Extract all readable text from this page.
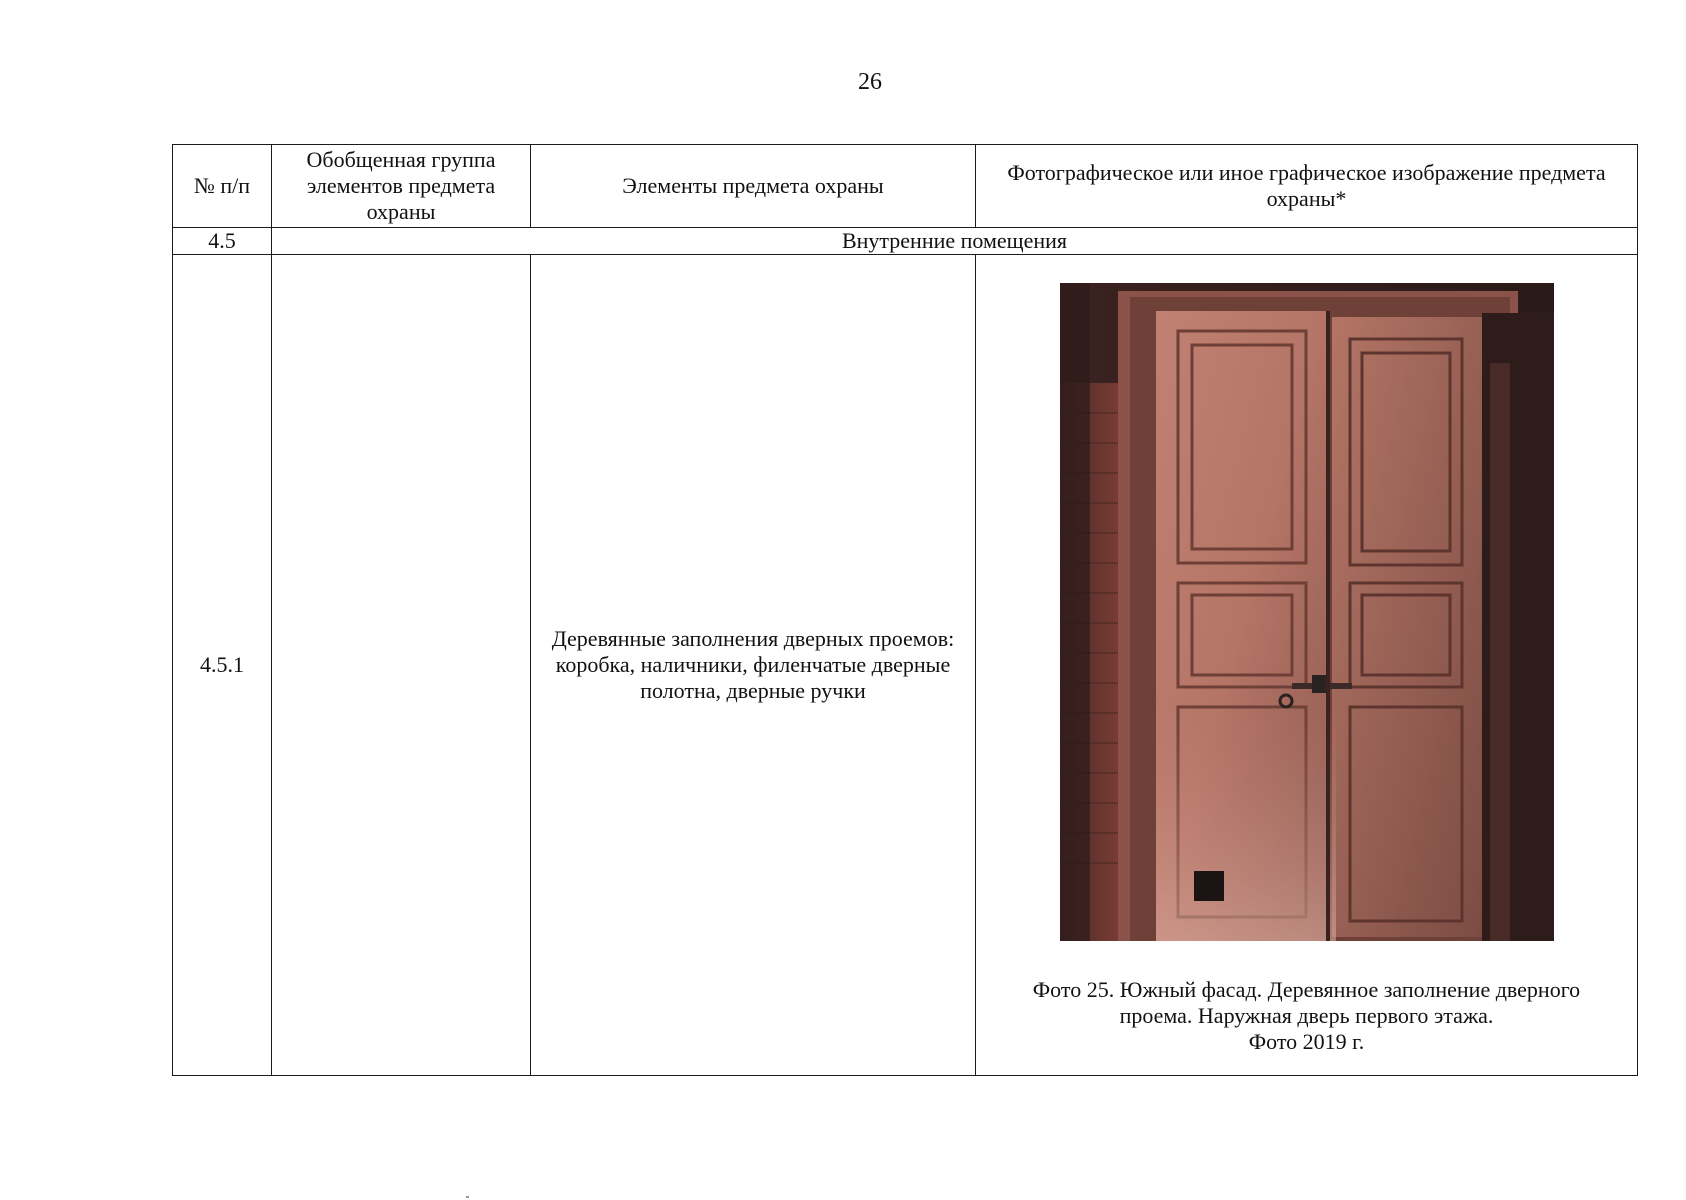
26
№ п/п	Обобщенная группа элементов предмета охраны	Элементы предмета охраны	Фотографическое или иное графическое изображение предмета охраны*
4.5	Внутренние помещения		
4.5.1		Деревянные заполнения дверных проемов: коробка, наличники, филенчатые дверные полотна, дверные ручки	Фото 25. Южный фасад. Деревянное заполнение дверного
проема. Наружная дверь первого этажа.
Фото 2019 г.
